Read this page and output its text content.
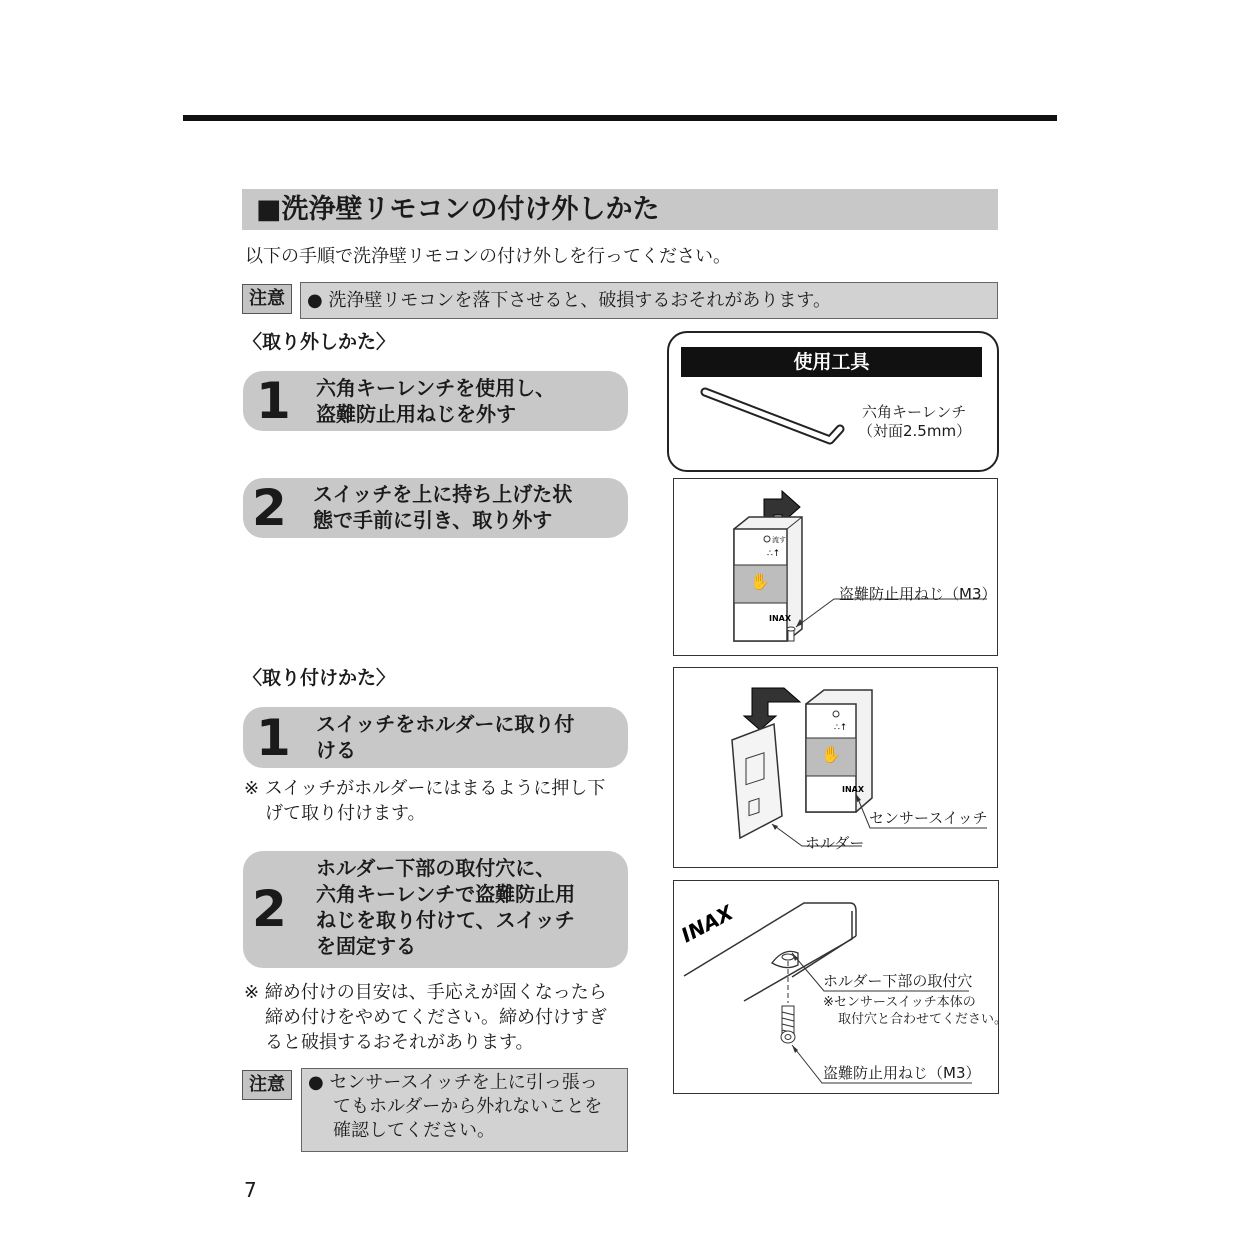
■洗浄壁リモコンの付け外しかた
以下の手順で洗浄壁リモコンの付け外しを行ってください。
注意	● 洗浄壁リモコンを落下させると、破損するおそれがあります。
〈取り外しかた〉
1 六角キーレンチを使用し、
盗難防止用ねじを外す
2 スイッチを上に持ち上げた状
態で手前に引き、取り外す
使用工具
六角キーレンチ
（対面2.5mm）
✋
流す
∴↑
INAX
盗難防止用ねじ（M3）
〈取り付けかた〉
1 スイッチをホルダーに取り付
ける
※ スイッチがホルダーにはまるように押し下
げて取り付けます。
2
ホルダー下部の取付穴に、
六角キーレンチで盗難防止用
ねじを取り付けて、スイッチ
を固定する
※ 締め付けの目安は、手応えが固くなったら
締め付けをやめてください。締め付けすぎ
ると破損するおそれがあります。
注意	● センサースイッチを上に引っ張っ
てもホルダーから外れないことを
確認してください。
✋
∴↑
INAX
センサースイッチ
ホルダー
INAX
ホルダー下部の取付穴
※センサースイッチ本体の
取付穴と合わせてください。
盗難防止用ねじ（M3）
7
